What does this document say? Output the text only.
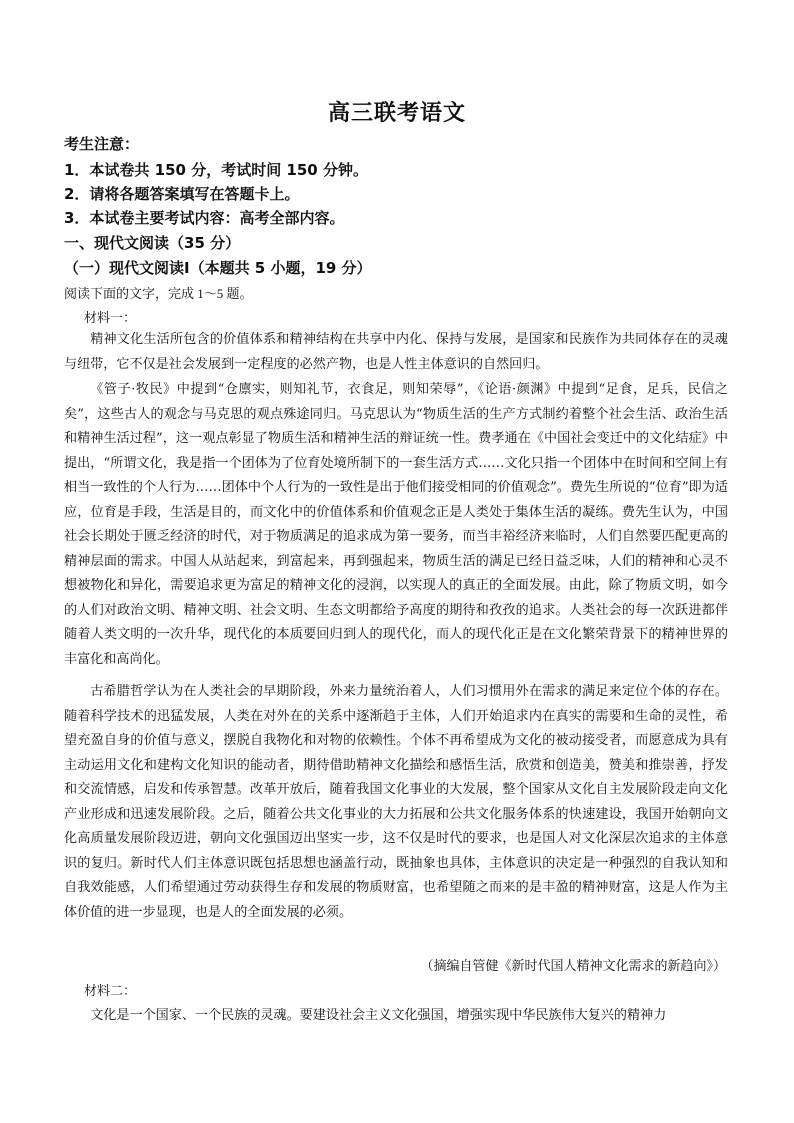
高三联考语文
考生注意：
1．本试卷共 150 分，考试时间 150 分钟。
2．请将各题答案填写在答题卡上。
3．本试卷主要考试内容：高考全部内容。
一、现代文阅读（35 分）
（一）现代文阅读Ⅰ（本题共 5 小题，19 分）
阅读下面的文字，完成 1～5 题。
材料一：
精神文化生活所包含的价值体系和精神结构在共享中内化、保持与发展，是国家和民族作为共同体存在的灵魂与纽带，它不仅是社会发展到一定程度的必然产物，也是人性主体意识的自然回归。
《管子·牧民》中提到“仓廪实，则知礼节，衣食足，则知荣辱”，《论语·颜渊》中提到“足食，足兵，民信之矣”，这些古人的观念与马克思的观点殊途同归。马克思认为“物质生活的生产方式制约着整个社会生活、政治生活和精神生活过程”，这一观点彰显了物质生活和精神生活的辩证统一性。费孝通在《中国社会变迁中的文化结症》中提出，“所谓文化，我是指一个团体为了位育处境所制下的一套生活方式……文化只指一个团体中在时间和空间上有相当一致性的个人行为……团体中个人行为的一致性是出于他们接受相同的价值观念”。费先生所说的“位育”即为适应，位育是手段，生活是目的，而文化中的价值体系和价值观念正是人类处于集体生活的凝练。费先生认为，中国社会长期处于匮乏经济的时代，对于物质满足的追求成为第一要务，而当丰裕经济来临时，人们自然要匹配更高的精神层面的需求。中国人从站起来，到富起来，再到强起来，物质生活的满足已经日益乏味，人们的精神和心灵不想被物化和异化，需要追求更为富足的精神文化的浸润，以实现人的真正的全面发展。由此，除了物质文明，如今的人们对政治文明、精神文明、社会文明、生态文明都给予高度的期待和孜孜的追求。人类社会的每一次跃进都伴随着人类文明的一次升华，现代化的本质要回归到人的现代化，而人的现代化正是在文化繁荣背景下的精神世界的丰富化和高尚化。
古希腊哲学认为在人类社会的早期阶段，外来力量统治着人，人们习惯用外在需求的满足来定位个体的存在。随着科学技术的迅猛发展，人类在对外在的关系中逐渐趋于主体，人们开始追求内在真实的需要和生命的灵性，希望充盈自身的价值与意义，摆脱自我物化和对物的依赖性。个体不再希望成为文化的被动接受者，而愿意成为具有主动运用文化和建构文化知识的能动者，期待借助精神文化描绘和感悟生活，欣赏和创造美，赞美和推崇善，抒发和交流情感，启发和传承智慧。改革开放后，随着我国文化事业的大发展，整个国家从文化自主发展阶段走向文化产业形成和迅速发展阶段。之后，随着公共文化事业的大力拓展和公共文化服务体系的快速建设，我国开始朝向文化高质量发展阶段迈进，朝向文化强国迈出坚实一步，这不仅是时代的要求，也是国人对文化深层次追求的主体意识的复归。新时代人们主体意识既包括思想也涵盖行动，既抽象也具体，主体意识的决定是一种强烈的自我认知和自我效能感，人们希望通过劳动获得生存和发展的物质财富，也希望随之而来的是丰盈的精神财富，这是人作为主体价值的进一步显现，也是人的全面发展的必须。
（摘编自管健《新时代国人精神文化需求的新趋向》）
材料二：
文化是一个国家、一个民族的灵魂。要建设社会主义文化强国，增强实现中华民族伟大复兴的精神力
